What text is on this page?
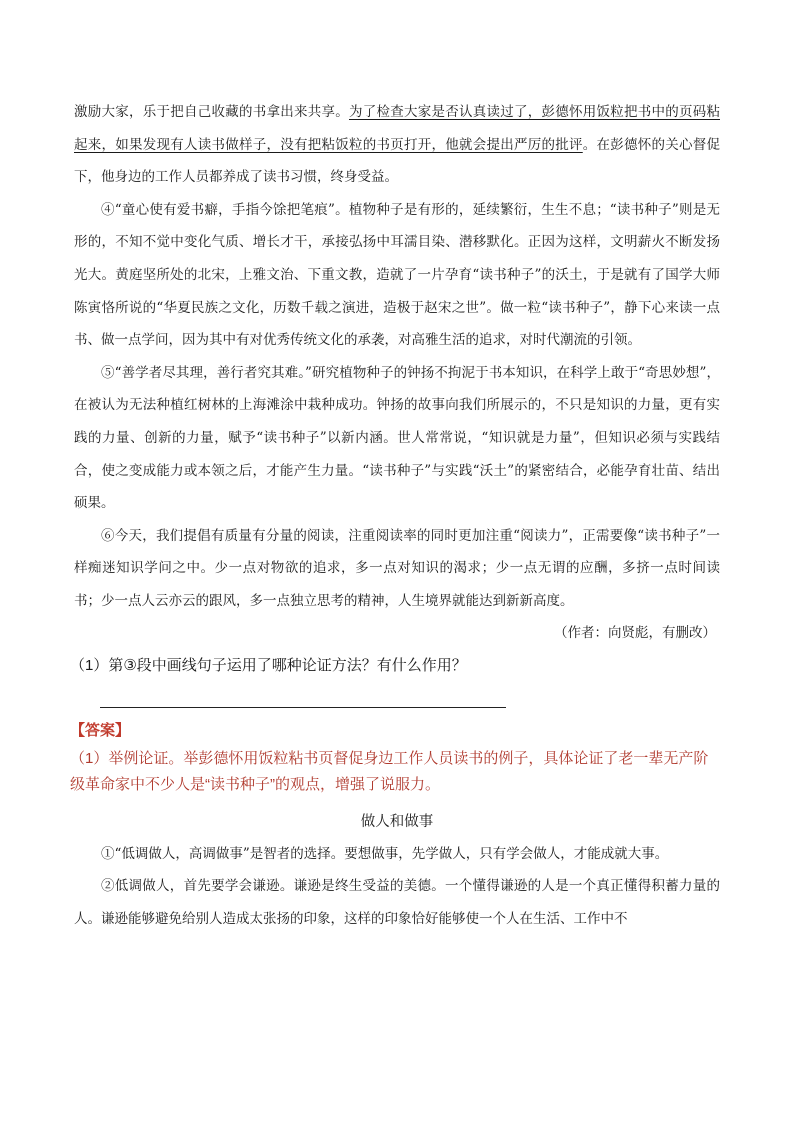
激励大家，乐于把自己收藏的书拿出来共享。为了检查大家是否认真读过了，彭德怀用饭粒把书中的页码粘起来，如果发现有人读书做样子，没有把粘饭粒的书页打开，他就会提出严厉的批评。在彭德怀的关心督促下，他身边的工作人员都养成了读书习惯，终身受益。

④“童心使有爱书癖，手指今馀把笔痕”。植物种子是有形的，延续繁衍，生生不息；“读书种子”则是无形的，不知不觉中变化气质、增长才干，承接弘扬中耳濡目染、潜移默化。正因为这样，文明薪火不断发扬光大。黄庭坚所处的北宋，上雅文治、下重文教，造就了一片孕育“读书种子”的沃土，于是就有了国学大师陈寅恪所说的“华夏民族之文化，历数千载之演进，造极于赵宋之世”。做一粒“读书种子”，静下心来读一点书、做一点学问，因为其中有对优秀传统文化的承袭，对高雅生活的追求，对时代潮流的引领。

⑤“善学者尽其理，善行者究其难。”研究植物种子的钟扬不拘泥于书本知识，在科学上敢于“奇思妙想”，在被认为无法种植红树林的上海滩涂中栽种成功。钟扬的故事向我们所展示的，不只是知识的力量，更有实践的力量、创新的力量，赋予“读书种子”以新内涵。世人常常说，“知识就是力量”，但知识必须与实践结合，使之变成能力或本领之后，才能产生力量。“读书种子”与实践“沃土”的紧密结合，必能孕育壮苗、结出硕果。

⑥今天，我们提倡有质量有分量的阅读，注重阅读率的同时更加注重“阅读力”，正需要像“读书种子”一样痴迷知识学问之中。少一点对物欲的追求，多一点对知识的渴求；少一点无谓的应酬，多挤一点时间读书；少一点人云亦云的跟风，多一点独立思考的精神，人生境界就能达到新新高度。

（作者：向贤彪，有删改）

（1）第③段中画线句子运用了哪种论证方法？有什么作用？

【答案】

（1）举例论证。举彭德怀用饭粒粘书页督促身边工作人员读书的例子，具体论证了老一辈无产阶级革命家中不少人是“读书种子”的观点，增强了说服力。

做人和做事

①“低调做人，高调做事”是智者的选择。要想做事，先学做人，只有学会做人，才能成就大事。

②低调做人，首先要学会谦逊。谦逊是终生受益的美德。一个懂得谦逊的人是一个真正懂得积蓄力量的人。谦逊能够避免给别人造成太张扬的印象，这样的印象恰好能够使一个人在生活、工作中不
